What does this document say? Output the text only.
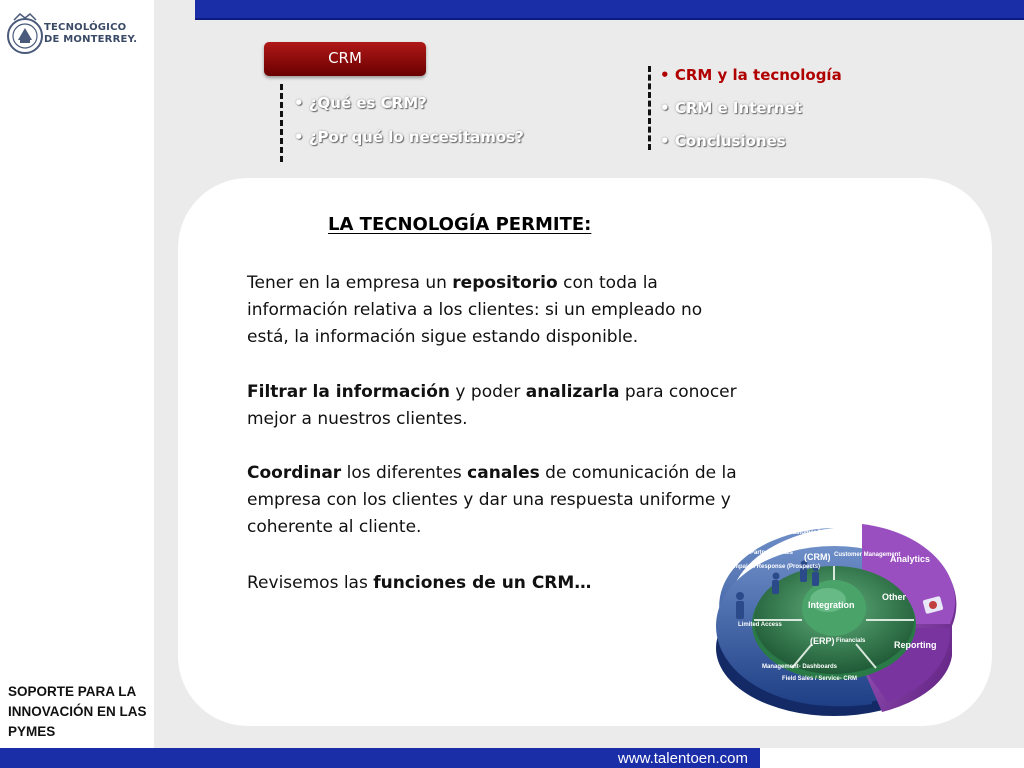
TECNOLÓGICO
DE MONTERREY.
SOPORTE PARA LA
INNOVACIÓN EN LAS
PYMES
CRM
• ¿Qué es CRM?
• ¿Por qué lo necesitamos?
• CRM y la tecnología
• CRM e Internet
• Conclusiones
LA TECNOLOGÍA PERMITE:
Tener en la empresa un repositorio con toda la información relativa a los clientes: si un empleado no está, la información sigue estando disponible.
Filtrar la información y poder analizarla para conocer mejor a nuestros clientes.
Coordinar los diferentes canales de comunicación de la empresa con los clientes y dar una respuesta uniforme y coherente al cliente.
Revisemos las funciones de un CRM…
Customer Portals
Partner Portals
Campaign Response (Prospects)
(CRM) Customer Management
Analytics
Integration
Other
Limited Access
(ERP) Financials	Reporting
Management- Dashboards
Field Sales / Service- CRM
www.talentoen.com
